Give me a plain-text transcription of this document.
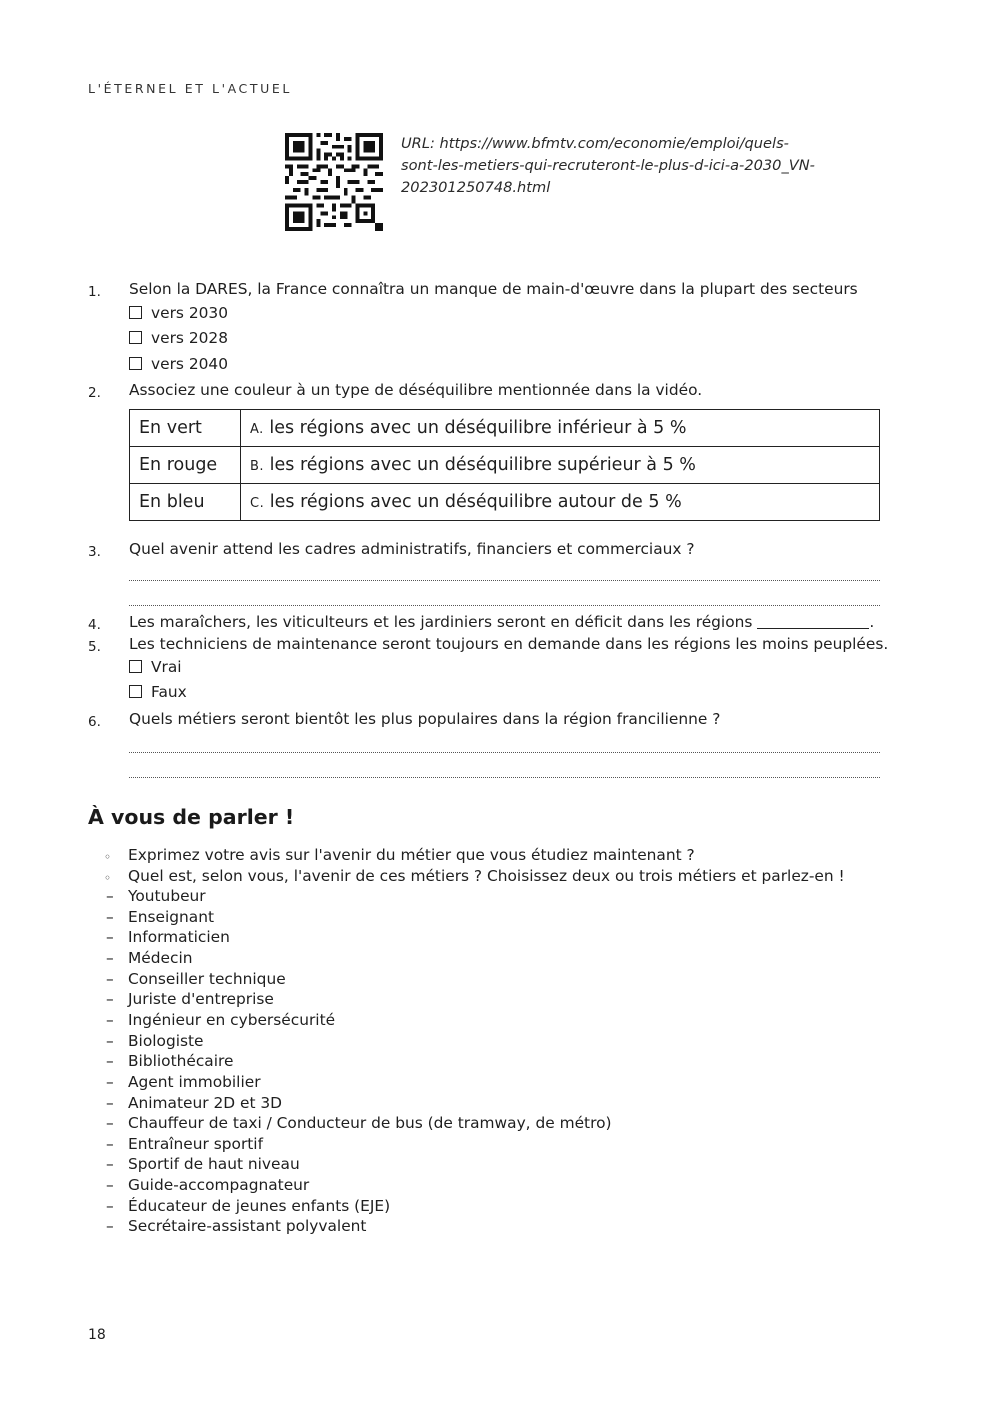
L'ÉTERNEL ET L'ACTUEL
URL: https://www.bfmtv.com/economie/emploi/quels-
sont-les-metiers-qui-recruteront-le-plus-d-ici-a-2030_VN-
202301250748.html
1. Selon la DARES, la France connaîtra un manque de main-d'œuvre dans la plupart des secteurs
vers 2030
vers 2028
vers 2040
2. Associez une couleur à un type de déséquilibre mentionnée dans la vidéo.
En vert	A. les régions avec un déséquilibre inférieur à 5 %
En rouge	B. les régions avec un déséquilibre supérieur à 5 %
En bleu	C. les régions avec un déséquilibre autour de 5 %
3. Quel avenir attend les cadres administratifs, financiers et commerciaux ?
4. Les maraîchers, les viticulteurs et les jardiniers seront en déficit dans les régions	.
5. Les techniciens de maintenance seront toujours en demande dans les régions les moins peuplées.
Vrai
Faux
6. Quels métiers seront bientôt les plus populaires dans la région francilienne ?
À vous de parler !
◦ Exprimez votre avis sur l'avenir du métier que vous étudiez maintenant ?
◦ Quel est, selon vous, l'avenir de ces métiers ? Choisissez deux ou trois métiers et parlez-en !
– Youtubeur
– Enseignant
– Informaticien
– Médecin
– Conseiller technique
– Juriste d'entreprise
– Ingénieur en cybersécurité
– Biologiste
– Bibliothécaire
– Agent immobilier
– Animateur 2D et 3D
– Chauffeur de taxi / Conducteur de bus (de tramway, de métro)
– Entraîneur sportif
– Sportif de haut niveau
– Guide-accompagnateur
– Éducateur de jeunes enfants (EJE)
– Secrétaire-assistant polyvalent
18
